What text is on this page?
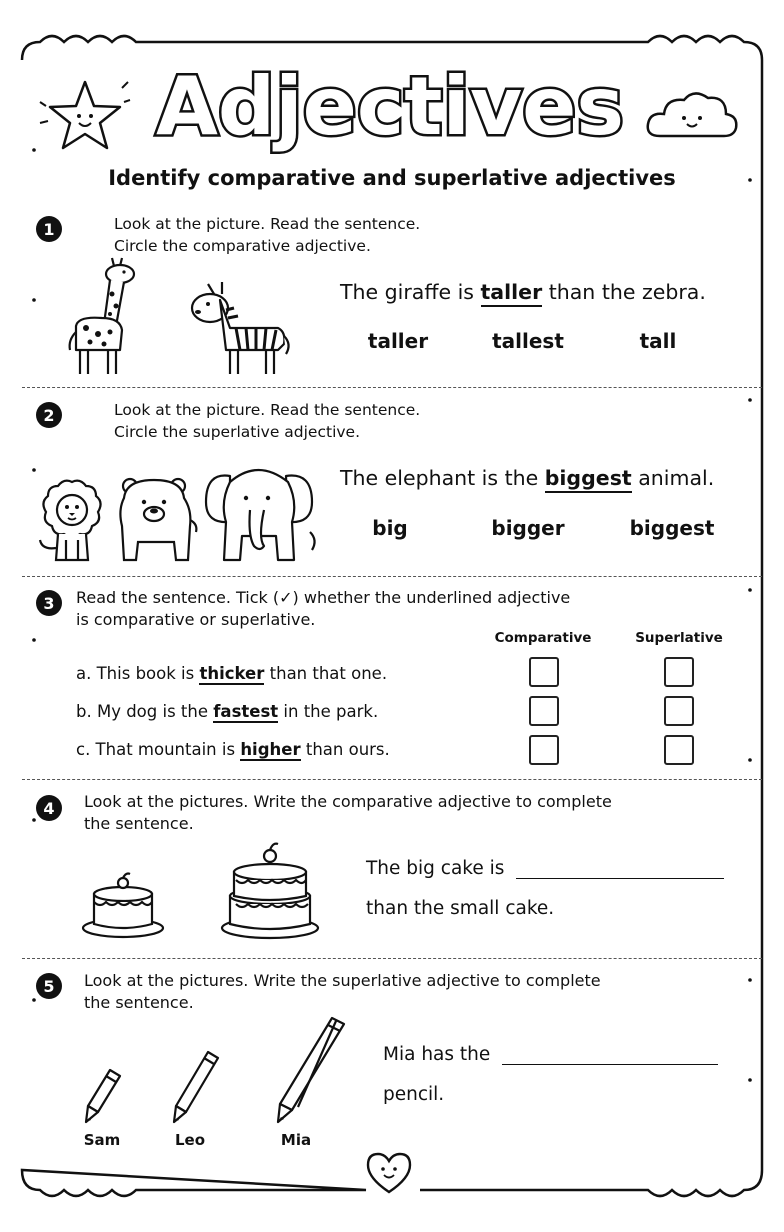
Adjectives
Identify comparative and superlative adjectives
1	Look at the picture. Read the sentence.
Circle the comparative adjective.
The giraffe is taller than the zebra.
taller	tallest	tall
2	Look at the picture. Read the sentence.
Circle the superlative adjective.
The elephant is the biggest animal.
big	bigger	biggest
3	Read the sentence. Tick (✓) whether the underlined adjective
is comparative or superlative.
Comparative	Superlative
a. This book is thicker than that one.
b. My dog is the fastest in the park.
c. That mountain is higher than ours.
4	Look at the pictures. Write the comparative adjective to complete
the sentence.
The big cake is
than the small cake.
5	Look at the pictures. Write the superlative adjective to complete
the sentence.
Sam	Leo	Mia
Mia has the
pencil.
